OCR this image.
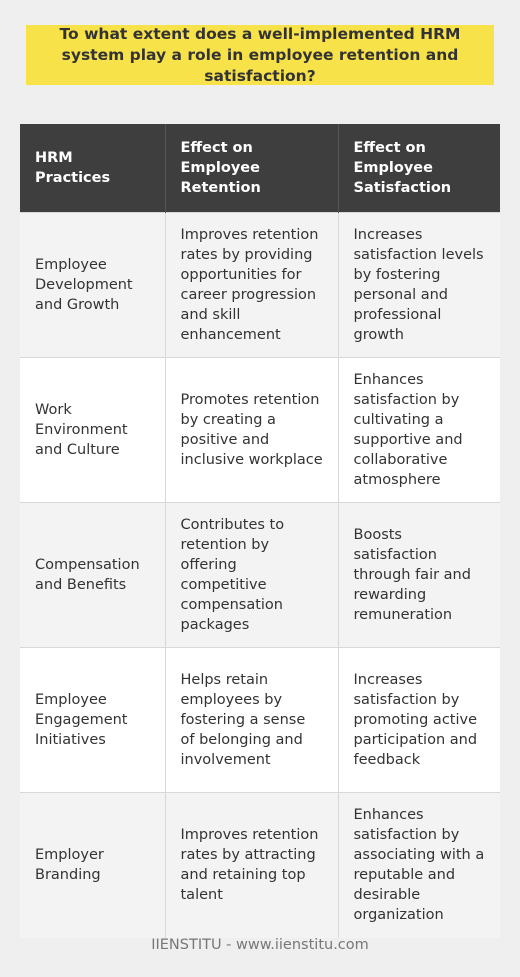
To what extent does a well-implemented HRM system play a role in employee retention and satisfaction?
HRM Practices	Effect on Employee Retention	Effect on Employee Satisfaction
Employee Development and Growth	Improves retention rates by providing opportunities for career progression and skill enhancement	Increases satisfaction levels by fostering personal and professional growth
Work Environment and Culture	Promotes retention by creating a positive and inclusive workplace	Enhances satisfaction by cultivating a supportive and collaborative atmosphere
Compensation and Benefits	Contributes to retention by offering competitive compensation packages	Boosts satisfaction through fair and rewarding remuneration
Employee Engagement Initiatives	Helps retain employees by fostering a sense of belonging and involvement	Increases satisfaction by promoting active participation and feedback
Employer Branding	Improves retention rates by attracting and retaining top talent	Enhances satisfaction by associating with a reputable and desirable organization
IIENSTITU - www.iienstitu.com
